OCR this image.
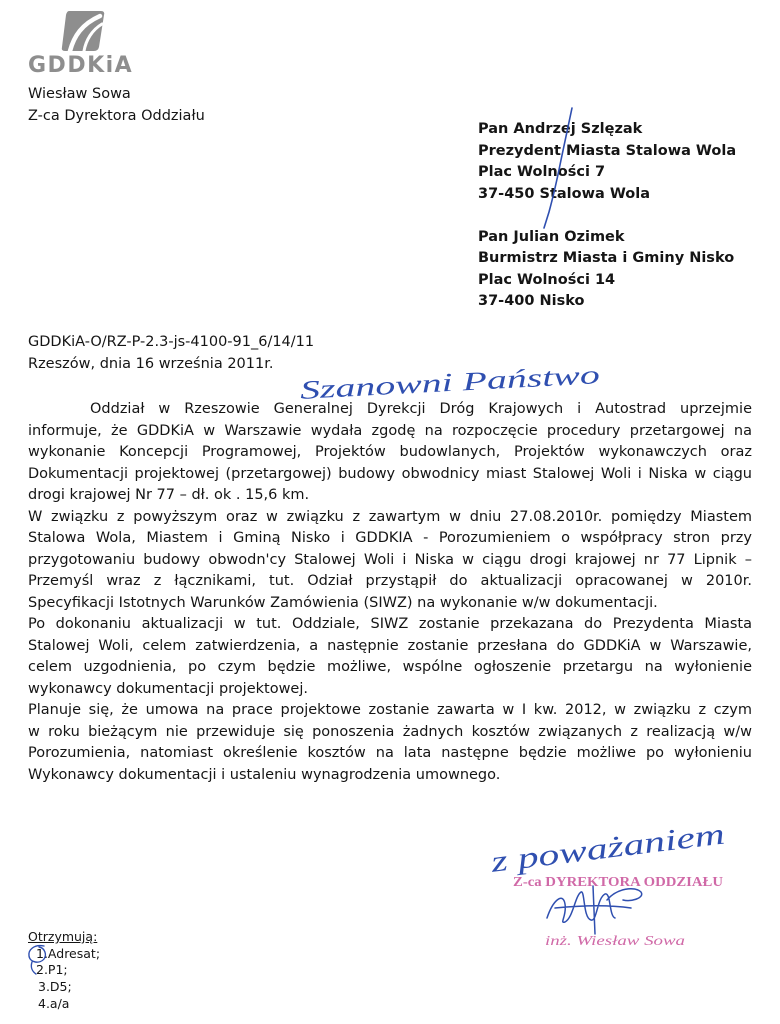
GDDKiA
Wiesław Sowa
Z-ca Dyrektora Oddziału
Pan Andrzej Szlęzak
Prezydent Miasta Stalowa Wola
Plac Wolności 7
37-450 Stalowa Wola
Pan Julian Ozimek
Burmistrz Miasta i Gminy Nisko
Plac Wolności 14
37-400 Nisko
GDDKiA-O/RZ-P-2.3-js-4100-91_6/14/11
Rzeszów, dnia 16 września 2011r.
Szanowni Państwo
Oddział w Rzeszowie Generalnej Dyrekcji Dróg Krajowych i Autostrad uprzejmie
informuje, że GDDKiA w Warszawie wydała zgodę na rozpoczęcie procedury przetargowej na
wykonanie Koncepcji Programowej, Projektów budowlanych, Projektów wykonawczych oraz
Dokumentacji projektowej (przetargowej) budowy obwodnicy miast Stalowej Woli i Niska w ciągu
drogi krajowej Nr 77 – dł. ok . 15,6 km.
W związku z powyższym oraz w związku z zawartym w dniu 27.08.2010r. pomiędzy Miastem
Stalowa Wola, Miastem i Gminą Nisko i GDDKIA - Porozumieniem o współpracy stron przy
przygotowaniu budowy obwodn'cy Stalowej Woli i Niska w ciągu drogi krajowej nr 77 Lipnik –
Przemyśl wraz z łącznikami, tut. Odział przystąpił do aktualizacji opracowanej w 2010r.
Specyfikacji Istotnych Warunków Zamówienia (SIWZ) na wykonanie w/w dokumentacji.
Po dokonaniu aktualizacji w tut. Oddziale, SIWZ zostanie przekazana do Prezydenta Miasta
Stalowej Woli, celem zatwierdzenia, a następnie zostanie przesłana do GDDKiA w Warszawie,
celem uzgodnienia, po czym będzie możliwe, wspólne ogłoszenie przetargu na wyłonienie
wykonawcy dokumentacji projektowej.
Planuje się, że umowa na prace projektowe zostanie zawarta w I kw. 2012, w związku z czym
w roku bieżącym nie przewiduje się ponoszenia żadnych kosztów związanych z realizacją w/w
Porozumienia, natomiast określenie kosztów na lata następne będzie możliwe po wyłonieniu
Wykonawcy dokumentacji i ustaleniu wynagrodzenia umownego.
z poważaniem
Z-ca DYREKTORA ODDZIAŁU
inż. Wiesław Sowa
Otrzymują:
1.Adresat;
2.P1;
3.D5;
4.a/a
